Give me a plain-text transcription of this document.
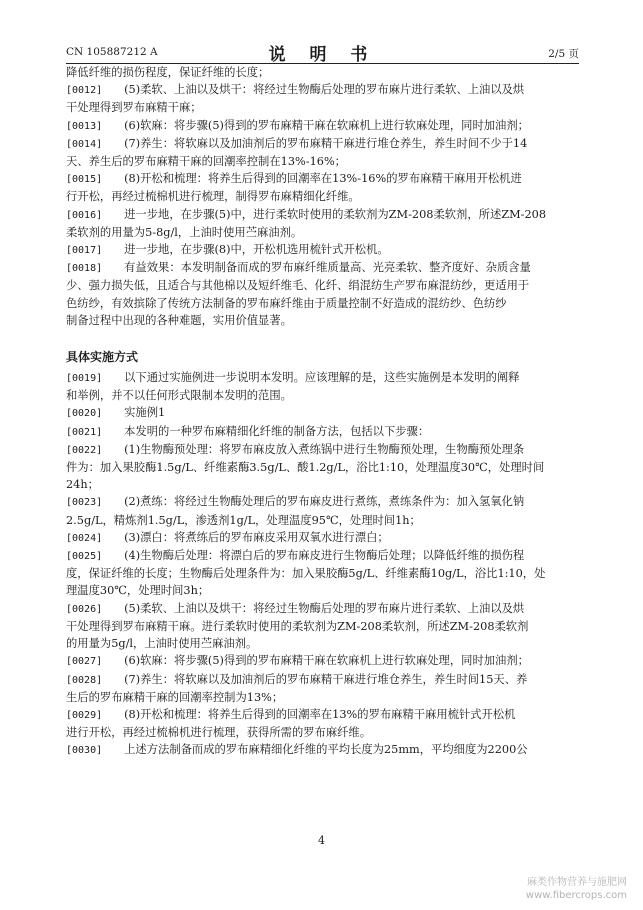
CN 105887212 A	说 明 书	2/5 页
降低纤维的损伤程度，保证纤维的长度；
[0012] (5)柔软、上油以及烘干：将经过生物酶后处理的罗布麻片进行柔软、上油以及烘
干处理得到罗布麻精干麻；
[0013] (6)软麻：将步骤(5)得到的罗布麻精干麻在软麻机上进行软麻处理，同时加油剂；
[0014] (7)养生：将软麻以及加油剂后的罗布麻精干麻进行堆仓养生，养生时间不少于14
天、养生后的罗布麻精干麻的回潮率控制在13%-16%；
[0015] (8)开松和梳理：将养生后得到的回潮率在13%-16%的罗布麻精干麻用开松机进
行开松，再经过梳棉机进行梳理，制得罗布麻精细化纤维。
[0016] 进一步地，在步骤(5)中，进行柔软时使用的柔软剂为ZM-208柔软剂，所述ZM-208
柔软剂的用量为5-8g/l，上油时使用苎麻油剂。
[0017] 进一步地，在步骤(8)中，开松机选用梳针式开松机。
[0018] 有益效果：本发明制备而成的罗布麻纤维质量高、光亮柔软、整齐度好、杂质含量
少、强力损失低，且适合与其他棉以及短纤维毛、化纤、绢混纺生产罗布麻混纺纱，更适用于
色纺纱，有效摈除了传统方法制备的罗布麻纤维由于质量控制不好造成的混纺纱、色纺纱
制备过程中出现的各种难题，实用价值显著。
具体实施方式
[0019] 以下通过实施例进一步说明本发明。应该理解的是，这些实施例是本发明的阐释
和举例，并不以任何形式限制本发明的范围。
[0020] 实施例1
[0021] 本发明的一种罗布麻精细化纤维的制备方法，包括以下步骤：
[0022] (1)生物酶预处理：将罗布麻皮放入煮练锅中进行生物酶预处理，生物酶预处理条
件为：加入果胶酶1.5g/L、纤维素酶3.5g/L、酸1.2g/L，浴比1:10，处理温度30℃，处理时间
24h；
[0023] (2)煮练：将经过生物酶处理后的罗布麻皮进行煮练，煮练条件为：加入氢氧化钠
2.5g/L，精炼剂1.5g/L，渗透剂1g/L，处理温度95℃，处理时间1h；
[0024] (3)漂白：将煮练后的罗布麻皮采用双氧水进行漂白；
[0025] (4)生物酶后处理：将漂白后的罗布麻皮进行生物酶后处理；以降低纤维的损伤程
度，保证纤维的长度；生物酶后处理条件为：加入果胶酶5g/L、纤维素酶10g/L，浴比1:10，处
理温度30℃，处理时间3h；
[0026] (5)柔软、上油以及烘干：将经过生物酶后处理的罗布麻片进行柔软、上油以及烘
干处理得到罗布麻精干麻。进行柔软时使用的柔软剂为ZM-208柔软剂，所述ZM-208柔软剂
的用量为5g/l，上油时使用苎麻油剂。
[0027] (6)软麻：将步骤(5)得到的罗布麻精干麻在软麻机上进行软麻处理，同时加油剂；
[0028] (7)养生：将软麻以及加油剂后的罗布麻精干麻进行堆仓养生，养生时间15天、养
生后的罗布麻精干麻的回潮率控制为13%；
[0029] (8)开松和梳理：将养生后得到的回潮率在13%的罗布麻精干麻用梳针式开松机
进行开松，再经过梳棉机进行梳理，获得所需的罗布麻纤维。
[0030] 上述方法制备而成的罗布麻精细化纤维的平均长度为25mm，平均细度为2200公
4
麻类作物营养与施肥网
www.fibercrops.com
